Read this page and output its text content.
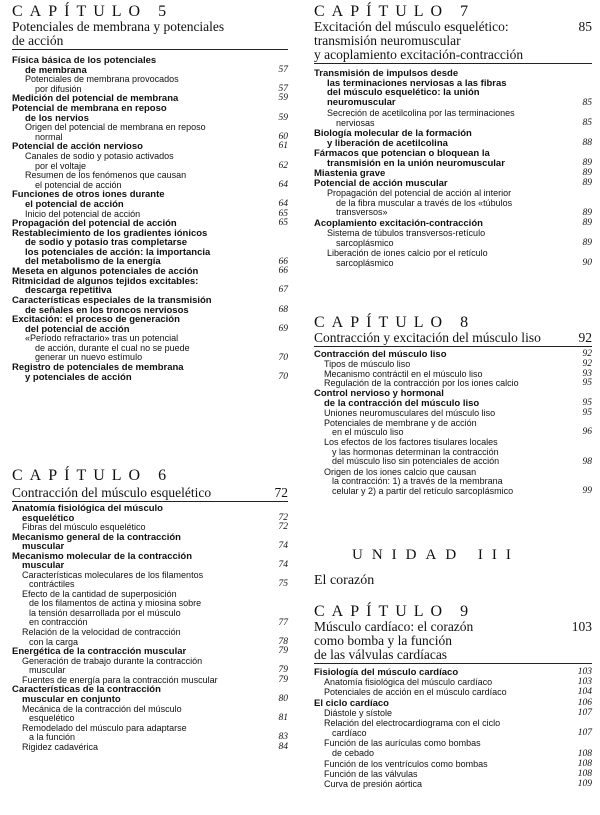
CAPÍTULO 5
Potenciales de membrana y potenciales
de acción
Física básica de los potenciales
de membrana	57
Potenciales de membrana provocados
por difusión	57
Medición del potencial de membrana	59
Potencial de membrana en reposo
de los nervios	59
Origen del potencial de membrana en reposo
normal	60
Potencial de acción nervioso	61
Canales de sodio y potasio activados
por el voltaje	62
Resumen de los fenómenos que causan
el potencial de acción	64
Funciones de otros iones durante
el potencial de acción	64
Inicio del potencial de acción	65
Propagación del potencial de acción	65
Restablecimiento de los gradientes iónicos
de sodio y potasio tras completarse
los potenciales de acción: la importancia
del metabolismo de la energía	66
Meseta en algunos potenciales de acción	66
Ritmicidad de algunos tejidos excitables:
descarga repetitiva	67
Características especiales de la transmisión
de señales en los troncos nerviosos	68
Excitación: el proceso de generación
del potencial de acción	69
«Período refractario» tras un potencial
de acción, durante el cual no se puede
generar un nuevo estímulo	70
Registro de potenciales de membrana
y potenciales de acción	70
CAPÍTULO 6
Contracción del músculo esquelético	72
Anatomía fisiológica del músculo
esquelético	72
Fibras del músculo esquelético	72
Mecanismo general de la contracción
muscular	74
Mecanismo molecular de la contracción
muscular	74
Características moleculares de los filamentos
contráctiles	75
Efecto de la cantidad de superposición
de los filamentos de actina y miosina sobre
la tensión desarrollada por el músculo
en contracción	77
Relación de la velocidad de contracción
con la carga	78
Energética de la contracción muscular	79
Generación de trabajo durante la contracción
muscular	79
Fuentes de energía para la contracción muscular	79
Características de la contracción
muscular en conjunto	80
Mecánica de la contracción del músculo
esquelético	81
Remodelado del músculo para adaptarse
a la función	83
Rigidez cadavérica	84
CAPÍTULO 7
Excitación del músculo esquelético:
transmisión neuromuscular
y acoplamiento excitación-contracción
85
Transmisión de impulsos desde
las terminaciones nerviosas a las fibras
del músculo esquelético: la unión
neuromuscular	85
Secreción de acetilcolina por las terminaciones
nerviosas	85
Biología molecular de la formación
y liberación de acetilcolina	88
Fármacos que potencian o bloquean la
transmisión en la unión neuromuscular	89
Miastenia grave	89
Potencial de acción muscular	89
Propagación del potencial de acción al interior
de la fibra muscular a través de los «túbulos
transversos»	89
Acoplamiento excitación-contracción	89
Sistema de túbulos transversos-retículo
sarcoplásmico	89
Liberación de iones calcio por el retículo
sarcoplásmico	90
CAPÍTULO 8
Contracción y excitación del músculo liso	92
Contracción del músculo liso	92
Tipos de músculo liso	92
Mecanismo contráctil en el músculo liso	93
Regulación de la contracción por los iones calcio	95
Control nervioso y hormonal
de la contracción del músculo liso	95
Uniones neuromusculares del músculo liso	95
Potenciales de membrane y de acción
en el músculo liso	96
Los efectos de los factores tisulares locales
y las hormonas determinan la contracción
del músculo liso sin potenciales de acción	98
Origen de los iones calcio que causan
la contracción: 1) a través de la membrana
celular y 2) a partir del retículo sarcoplásmico	99
UNIDAD III
El corazón
CAPÍTULO 9
Músculo cardíaco: el corazón
como bomba y la función
de las válvulas cardíacas
103
Fisiología del músculo cardíaco	103
Anatomía fisiológica del músculo cardíaco	103
Potenciales de acción en el músculo cardíaco	104
El ciclo cardíaco	106
Diástole y sístole	107
Relación del electrocardiograma con el ciclo
cardíaco	107
Función de las aurículas como bombas
de cebado	108
Función de los ventrículos como bombas	108
Función de las válvulas	108
Curva de presión aórtica	109
